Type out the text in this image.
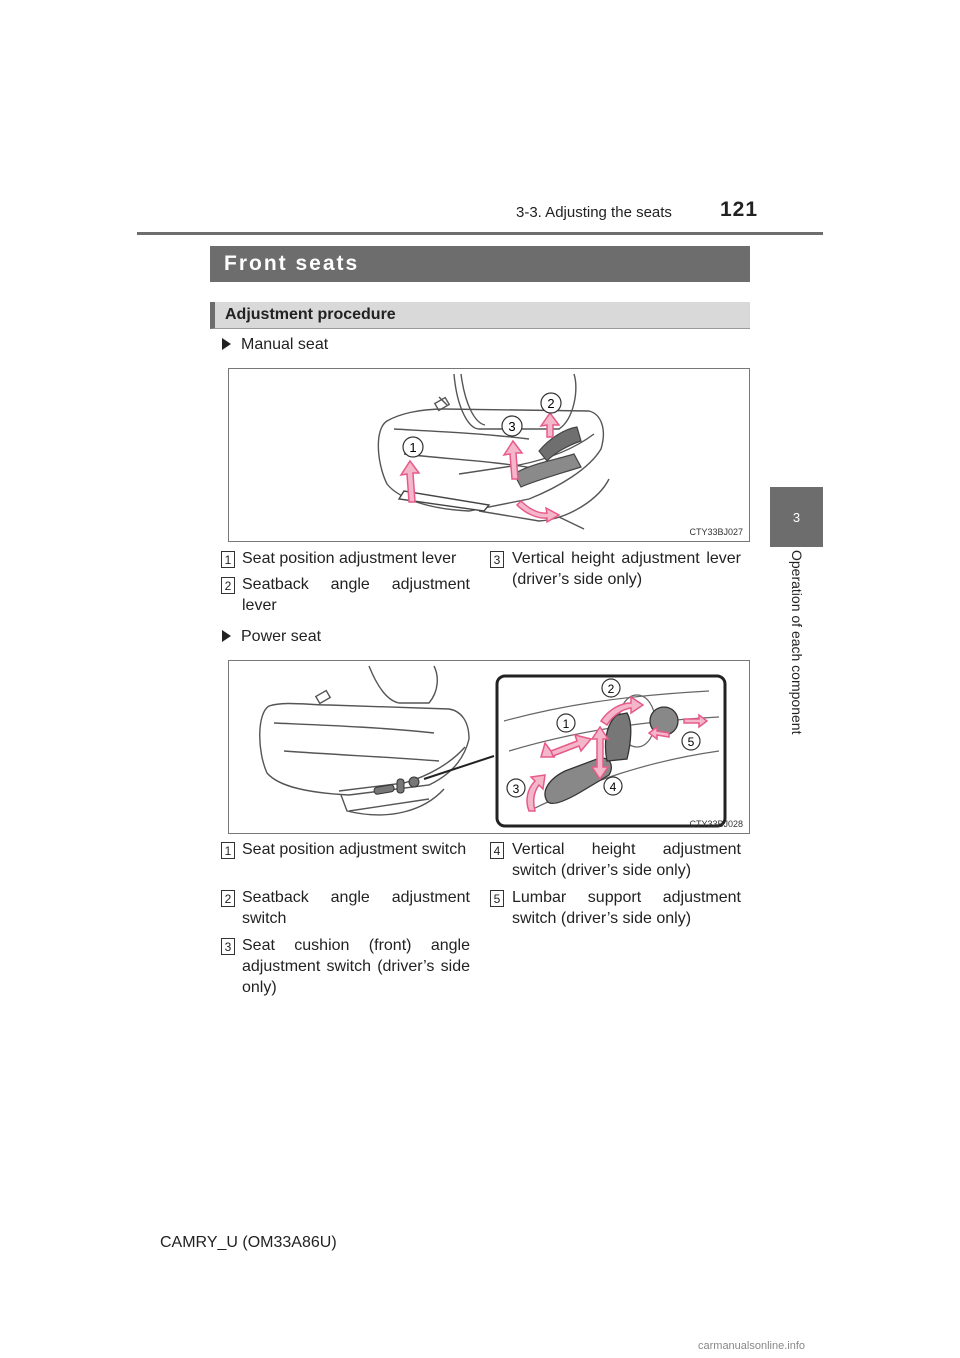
3-3. Adjusting the seats 121
3
Operation of each component
Front seats
Adjustment procedure
Manual seat
1
2
3
CTY33BJ027
1 Seat position adjustment lever
2 Seatback angle adjustment lever
3 Vertical height adjustment lever (driver’s side only)
Power seat
1
2
3	4
5
CTY33BJ028
1 Seat position adjustment switch
2 Seatback angle adjustment switch
3 Seat cushion (front) angle adjustment switch (driver’s side only)
4 Vertical height adjustment switch (driver’s side only)
5 Lumbar support adjustment switch (driver’s side only)
CAMRY_U (OM33A86U)
carmanualsonline.info
